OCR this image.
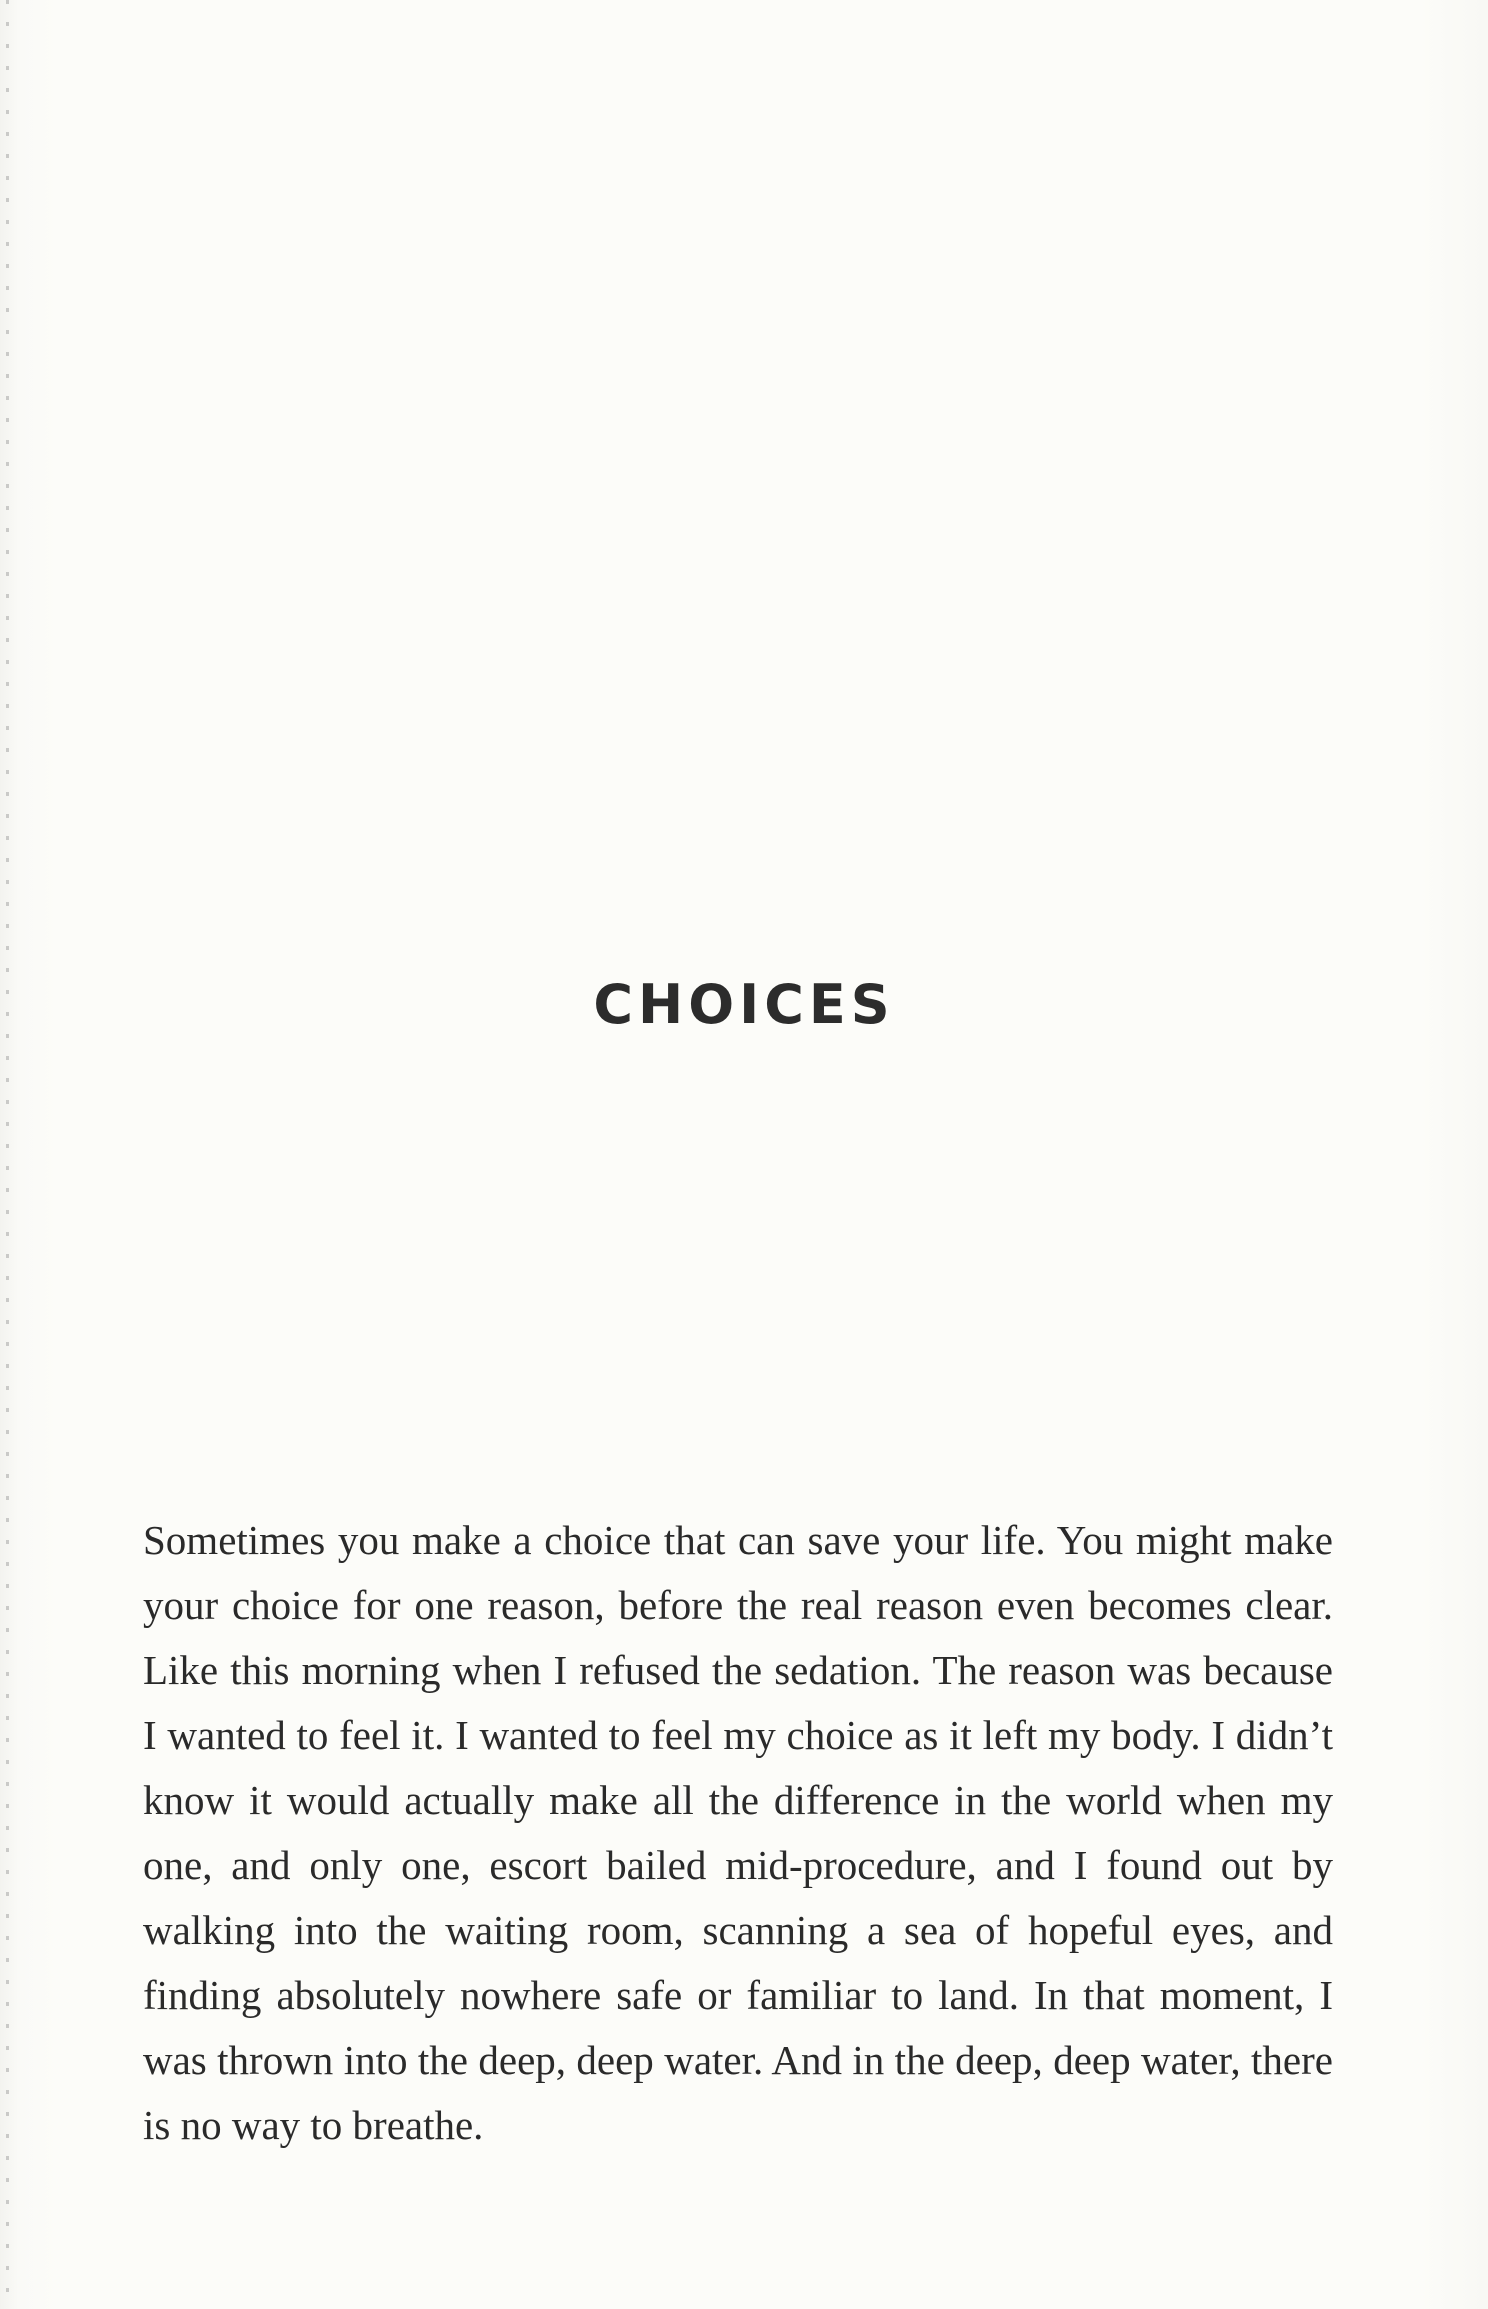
CHOICES

Sometimes you make a choice that can save your life. You might make your choice for one reason, before the real reason even becomes clear. Like this morning when I refused the sedation. The reason was because I wanted to feel it. I wanted to feel my choice as it left my body. I didn’t know it would actually make all the difference in the world when my one, and only one, escort bailed mid-procedure, and I found out by walking into the waiting room, scanning a sea of hopeful eyes, and finding absolutely nowhere safe or familiar to land. In that moment, I was thrown into the deep, deep water. And in the deep, deep water, there is no way to breathe.
